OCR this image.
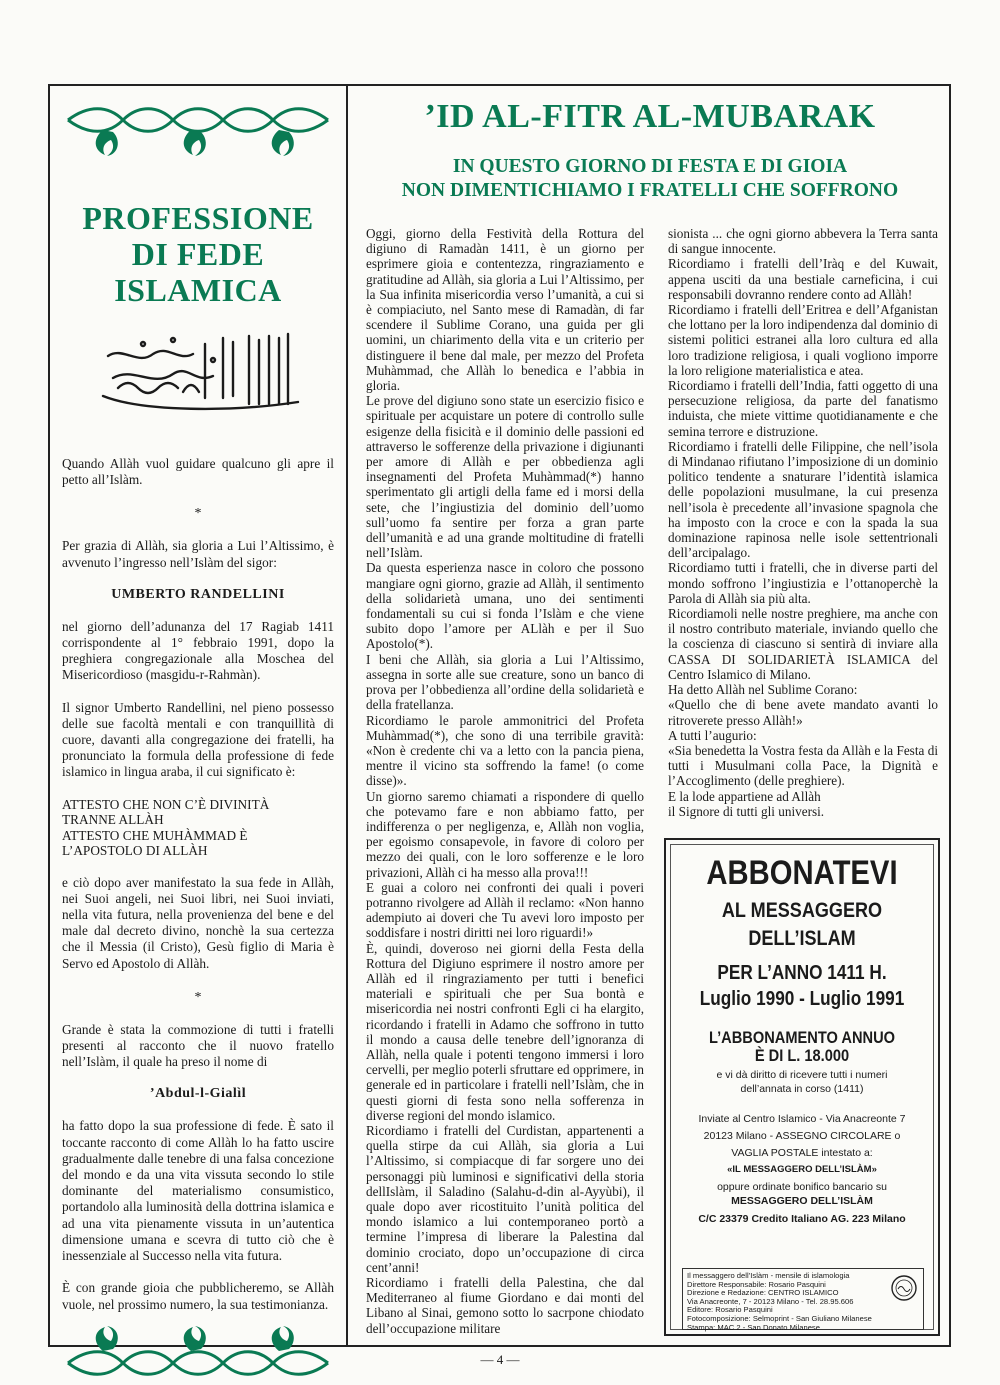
PROFESSIONE DI FEDE ISLAMICA

Quando Allàh vuol guidare qualcuno gli apre il petto all’Islàm.

*

Per grazia di Allàh, sia gloria a Lui l’Altissimo, è avvenuto l’ingresso nell’Islàm del sigor:

UMBERTO RANDELLINI

nel giorno dell’adunanza del 17 Ragiab 1411 corrispondente al 1° febbraio 1991, dopo la preghiera congregazionale alla Moschea del Misericordioso (masgidu-r-Rahmàn).

Il signor Umberto Randellini, nel pieno possesso delle sue facoltà mentali e con tranquillità di cuore, davanti alla congregazione dei fratelli, ha pronunciato la formula della professione di fede islamico in lingua araba, il cui significato è:

ATTESTO CHE NON C’È DIVINITÀ

TRANNE ALLÀH

ATTESTO CHE MUHÀMMAD È

L’APOSTOLO DI ALLÀH

e ciò dopo aver manifestato la sua fede in Allàh, nei Suoi angeli, nei Suoi libri, nei Suoi inviati, nella vita futura, nella provenienza del bene e del male dal decreto divino, nonchè la sua certezza che il Messia (il Cristo), Gesù figlio di Maria è Servo ed Apostolo di Allàh.

*

Grande è stata la commozione di tutti i fratelli presenti al racconto che il nuovo fratello nell’Islàm, il quale ha preso il nome di

’Abdul-l-Gialìl

ha fatto dopo la sua professione di fede. È sato il toccante racconto di come Allàh lo ha fatto uscire gradualmente dalle tenebre di una falsa concezione del mondo e da una vita vissuta secondo lo stile dominante del materialismo consumistico, portandolo alla luminosità della dottrina islamica e ad una vita pienamente vissuta in un’autentica dimensione umana e scevra di tutto ciò che è inessenziale al Successo nella vita futura.

È con grande gioia che pubblicheremo, se Allàh vuole, nel prossimo numero, la sua testimonianza.

’ID AL-FITR AL-MUBARAK
IN QUESTO GIORNO DI FESTA E DI GIOIA
NON DIMENTICHIAMO I FRATELLI CHE SOFFRONO

Oggi, giorno della Festività della Rottura del digiuno di Ramadàn 1411, è un giorno per esprimere gioia e contentezza, ringraziamento e gratitudine ad Allàh, sia gloria a Lui l’Altissimo, per la Sua infinita misericordia verso l’umanità, a cui si è compiaciuto, nel Santo mese di Ramadàn, di far scendere il Sublime Corano, una guida per gli uomini, un chiarimento della vita e un criterio per distinguere il bene dal male, per mezzo del Profeta Muhàmmad, che Allàh lo benedica e l’abbia in gloria.

Le prove del digiuno sono state un esercizio fisico e spirituale per acquistare un potere di controllo sulle esigenze della fisicità e il dominio delle passioni ed attraverso le sofferenze della privazione i digiunanti per amore di Allàh e per obbedienza agli insegnamenti del Profeta Muhàmmad(*) hanno sperimentato gli artigli della fame ed i morsi della sete, che l’ingiustizia del dominio dell’uomo sull’uomo fa sentire per forza a gran parte dell’umanità e ad una grande moltitudine di fratelli nell’Islàm.

Da questa esperienza nasce in coloro che possono mangiare ogni giorno, grazie ad Allàh, il sentimento della solidarietà umana, uno dei sentimenti fondamentali su cui si fonda l’Islàm e che viene subito dopo l’amore per ALlàh e per il Suo Apostolo(*).

I beni che Allàh, sia gloria a Lui l’Altissimo, assegna in sorte alle sue creature, sono un banco di prova per l’obbedienza all’ordine della solidarietà e della fratellanza.

Ricordiamo le parole ammonitrici del Profeta Muhàmmad(*), che sono di una terribile gravità: «Non è credente chi va a letto con la pancia piena, mentre il vicino sta soffrendo la fame! (o come disse)».

Un giorno saremo chiamati a rispondere di quello che potevamo fare e non abbiamo fatto, per indifferenza o per negligenza, e, Allàh non voglia, per egoismo consapevole, in favore di coloro per mezzo dei quali, con le loro sofferenze e le loro privazioni, Allàh ci ha messo alla prova!!!

E guai a coloro nei confronti dei quali i poveri potranno rivolgere ad Allàh il reclamo: «Non hanno adempiuto ai doveri che Tu avevi loro imposto per soddisfare i nostri diritti nei loro riguardi!»

È, quindi, doveroso nei giorni della Festa della Rottura del Digiuno esprimere il nostro amore per Allàh ed il ringraziamento per tutti i benefici materiali e spirituali che per Sua bontà e misericordia nei nostri confronti Egli ci ha elargito, ricordando i fratelli in Adamo che soffrono in tutto il mondo a causa delle tenebre dell’ignoranza di Allàh, nella quale i potenti tengono immersi i loro cervelli, per meglio poterli sfruttare ed opprimere, in generale ed in particolare i fratelli nell’Islàm, che in questi giorni di festa sono nella sofferenza in diverse regioni del mondo islamico.

Ricordiamo i fratelli del Curdistan, appartenenti a quella stirpe da cui Allàh, sia gloria a Lui l’Altissimo, si compiacque di far sorgere uno dei personaggi più luminosi e significativi della storia dellIslàm, il Saladino (Salahu-d-din al-Ayyùbi), il quale dopo aver ricostituito l’unità politica del mondo islamico a lui contemporaneo portò a termine l’impresa di liberare la Palestina dal dominio crociato, dopo un’occupazione di circa cent’anni!

Ricordiamo i fratelli della Palestina, che dal Mediterraneo al fiume Giordano e dai monti del Libano al Sinai, gemono sotto lo sacrpone chiodato dell’occupazione militare

sionista ... che ogni giorno abbevera la Terra santa di sangue innocente.

Ricordiamo i fratelli dell’Iràq e del Kuwait, appena usciti da una bestiale carneficina, i cui responsabili dovranno rendere conto ad Allàh!

Ricordiamo i fratelli dell’Eritrea e dell’Afganistan che lottano per la loro indipendenza dal dominio di sistemi politici estranei alla loro cultura ed alla loro tradizione religiosa, i quali vogliono imporre la loro religione materialistica e atea.

Ricordiamo i fratelli dell’India, fatti oggetto di una persecuzione religiosa, da parte del fanatismo induista, che miete vittime quotidianamente e che semina terrore e distruzione.

Ricordiamo i fratelli delle Filippine, che nell’isola di Mindanao rifiutano l’imposizione di un dominio politico tendente a snaturare l’identità islamica delle popolazioni musulmane, la cui presenza nell’isola è precedente all’invasione spagnola che ha imposto con la croce e con la spada la sua dominazione rapinosa nelle isole settentrionali dell’arcipalago.

Ricordiamo tutti i fratelli, che in diverse parti del mondo soffrono l’ingiustizia e l’ottanoperchè la Parola di Allàh sia più alta.

Ricordiamoli nelle nostre preghiere, ma anche con il nostro contributo materiale, inviando quello che la coscienza di ciascuno si sentirà di inviare alla CASSA DI SOLIDARIETÀ ISLAMICA del Centro Islamico di Milano.

Ha detto Allàh nel Sublime Corano:

«Quello che di bene avete mandato avanti lo ritroverete presso Allàh!»

A tutti l’augurio:

«Sia benedetta la Vostra festa da Allàh e la Festa di tutti i Musulmani colla Pace, la Dignità e l’Accoglimento (delle preghiere).

E la lode appartiene ad Allàh

il Signore di tutti gli universi.

ABBONATEVI
AL MESSAGGERO
DELL’ISLAM
PER L’ANNO 1411 H.
Luglio 1990 - Luglio 1991
L’ABBONAMENTO ANNUO
È DI L. 18.000
e vi dà diritto di ricevere tutti i numeri
dell’annata in corso (1411)
Inviate al Centro Islamico - Via Anacreonte 7
20123 Milano - ASSEGNO CIRCOLARE o
VAGLIA POSTALE intestato a:
«IL MESSAGGERO DELL’ISLÀM»
oppure ordinate bonifico bancario su
MESSAGGERO DELL’ISLÀM
C/C 23379 Credito Italiano AG. 223 Milano
Il messaggero dell’Islàm - mensile di islamologia
Direttore Responsabile: Rosario Pasquini
Direzione e Redazione: CENTRO ISLAMICO
Via Anacreonte, 7 - 20123 Milano - Tel. 28.95.606
Editore: Rosario Pasquini
Fotocomposizione: Selmoprint - San Giuliano Milanese
Stampa: MAC 2 - San Donato Milanese
— 4 —
